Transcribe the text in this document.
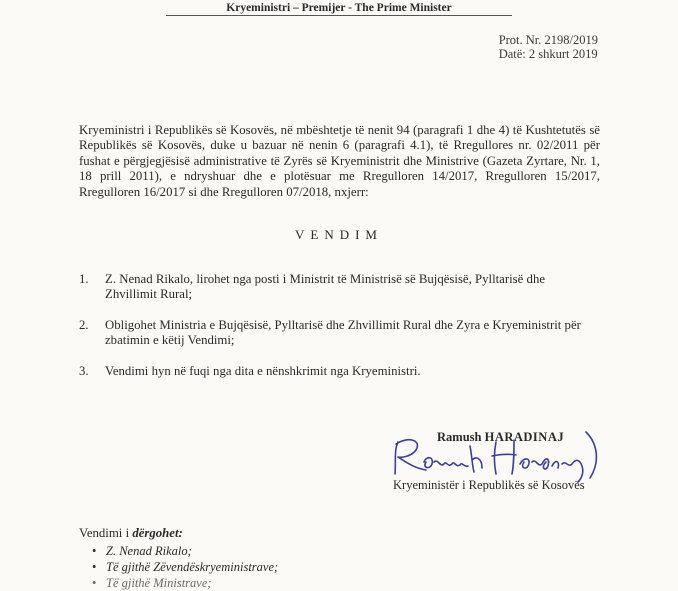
Kryeministri – Premijer - The Prime Minister
Prot. Nr. 2198/2019
Datë: 2 shkurt 2019

Kryeministri i Republikës së Kosovës, në mbështetje të nenit 94 (paragrafi 1 dhe 4) të Kushtetutës së Republikës së Kosovës, duke u bazuar në nenin 6 (paragrafi 4.1), të Rregullores nr. 02/2011 për fushat e përgjegjësisë administrative të Zyrës së Kryeministrit dhe Ministrive (Gazeta Zyrtare, Nr. 1, 18 prill 2011), e ndryshuar dhe e plotësuar me Rregulloren 14/2017, Rregulloren 15/2017, Rregulloren 16/2017 si dhe Rregulloren 07/2018, nxjerr:

VENDIM
1. Z. Nenad Rikalo, lirohet nga posti i Ministrit të Ministrisë së Bujqësisë, Pylltarisë dhe Zhvillimit Rural;
2. Obligohet Ministria e Bujqësisë, Pylltarisë dhe Zhvillimit Rural dhe Zyra e Kryeministrit për zbatimin e këtij Vendimi;
3. Vendimi hyn në fuqi nga dita e nënshkrimit nga Kryeministri.
Ramush HARADINAJ
Kryeministër i Republikës së Kosovës
Vendimi i dërgohet:
• Z. Nenad Rikalo;
• Të gjithë Zëvendëskryeministrave;
• Të gjithë Ministrave;
